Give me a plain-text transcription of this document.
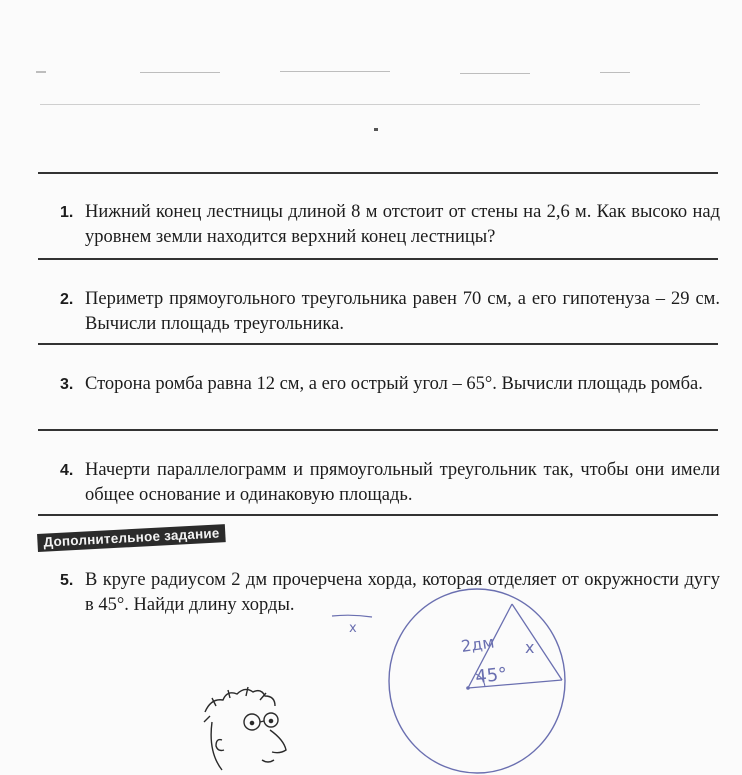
1. Нижний конец лестницы длиной 8 м отстоит от стены на 2,6 м. Как высоко над уровнем земли находится верхний конец лестницы?
2. Периметр прямоугольного треугольника равен 70 см, а его гипотенуза – 29 см. Вычисли площадь треугольника.
3. Сторона ромба равна 12 см, а его острый угол – 65°. Вычисли площадь ромба.
4. Начерти параллелограмм и прямоугольный треугольник так, чтобы они имели общее основание и одинаковую площадь.
Дополнительное задание
5. В круге радиусом 2 дм прочерчена хорда, которая отделяет от окружности дугу в 45°. Найди длину хорды.
x
2дм
45°
x
